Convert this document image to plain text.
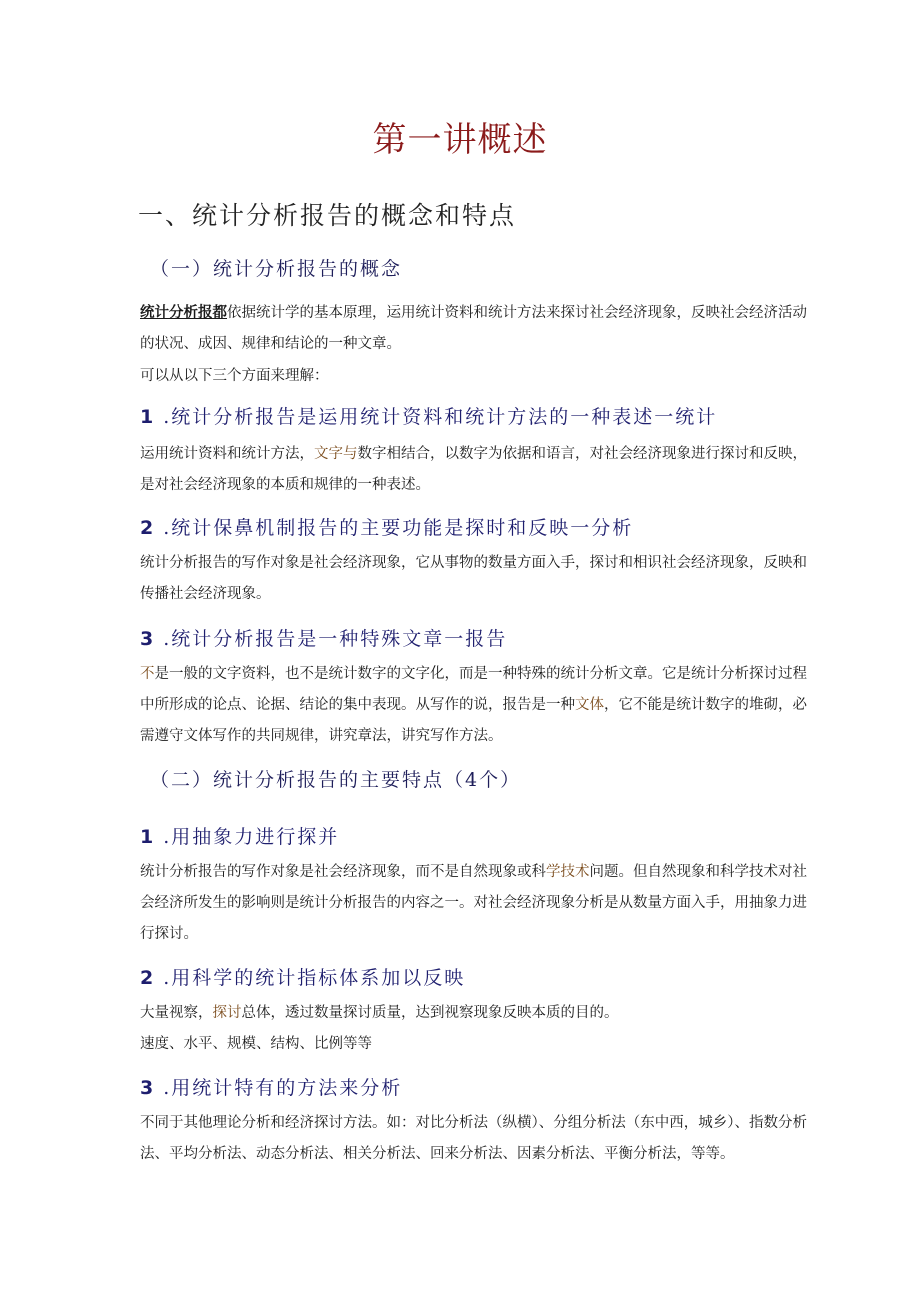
第一讲概述
一、统计分析报告的概念和特点
（一）统计分析报告的概念

统计分析报都依据统计学的基本原理，运用统计资料和统计方法来探讨社会经济现象，反映社会经济活动的状况、成因、规律和结论的一种文章。

可以从以下三个方面来理解：

1 .统计分析报告是运用统计资料和统计方法的一种表述一统计

运用统计资料和统计方法，文字与数字相结合，以数字为依据和语言，对社会经济现象进行探讨和反映，是对社会经济现象的本质和规律的一种表述。

2 .统计保鼻机制报告的主要功能是探时和反映一分析

统计分析报告的写作对象是社会经济现象，它从事物的数量方面入手，探讨和相识社会经济现象，反映和传播社会经济现象。

3 .统计分析报告是一种特殊文章一报告

不是一般的文字资料，也不是统计数字的文字化，而是一种特殊的统计分析文章。它是统计分析探讨过程中所形成的论点、论据、结论的集中表现。从写作的说，报告是一种文体，它不能是统计数字的堆砌，必需遵守文体写作的共同规律，讲究章法，讲究写作方法。

（二）统计分析报告的主要特点（4个）
1 .用抽象力进行探并

统计分析报告的写作对象是社会经济现象，而不是自然现象或科学技术问题。但自然现象和科学技术对社会经济所发生的影响则是统计分析报告的内容之一。对社会经济现象分析是从数量方面入手，用抽象力进行探讨。

2 .用科学的统计指标体系加以反映

大量视察，探讨总体，透过数量探讨质量，达到视察现象反映本质的目的。

速度、水平、规模、结构、比例等等

3 .用统计特有的方法来分析

不同于其他理论分析和经济探讨方法。如：对比分析法（纵横）、分组分析法（东中西，城乡）、指数分析法、平均分析法、动态分析法、相关分析法、回来分析法、因素分析法、平衡分析法，等等。
